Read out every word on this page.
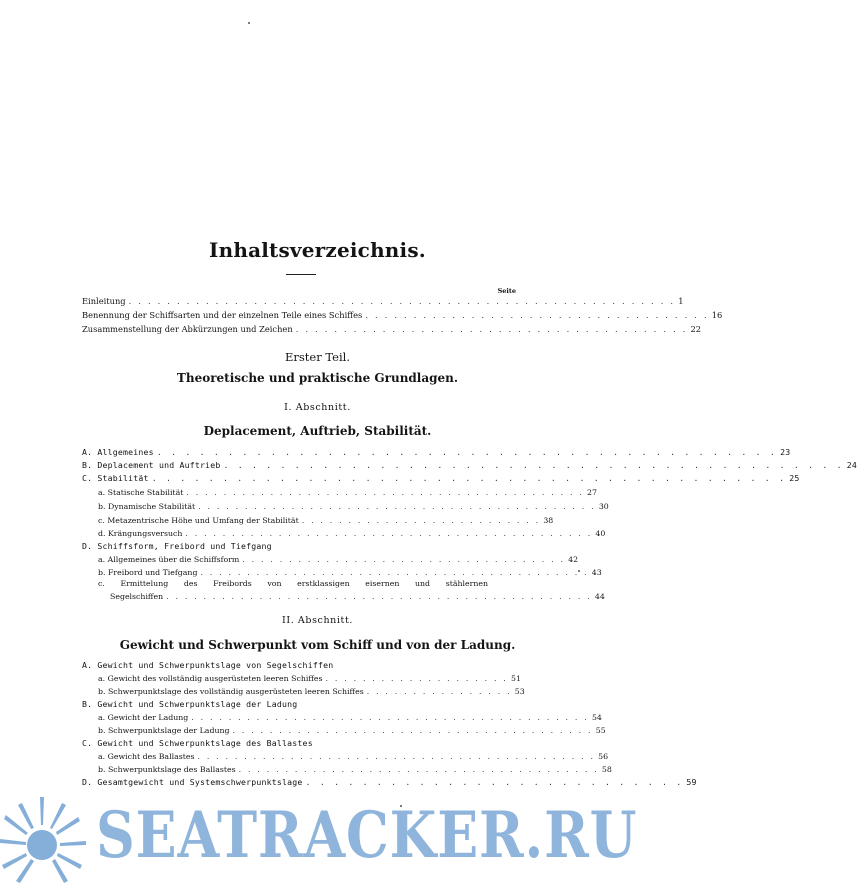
Inhaltsverzeichnis.
Seite
Einleitung . . . . . . . . . . . . . . . . . . . . . . . . . . . . . . . . . . . . . . . . . . . . . . . . . . . . . . . . . 1
Benennung der Schiffsarten und der einzelnen Teile eines Schiffes . . . . . . . . . . . . . . . . . . . . . . . . . . . . . . . . . . . . 16
Zusammenstellung der Abkürzungen und Zeichen . . . . . . . . . . . . . . . . . . . . . . . . . . . . . . . . . . . . . . . . . 22
Erster Teil.
Theoretische und praktische Grundlagen.
I. Abschnitt.
Deplacement, Auftrieb, Stabilität.
A. Allgemeines . . . . . . . . . . . . . . . . . . . . . . . . . . . . . . . . . . . . . . . . . . . . 23
B. Deplacement und Auftrieb . . . . . . . . . . . . . . . . . . . . . . . . . . . . . . . . . . . . . . . . . . . . 24
C. Stabilität . . . . . . . . . . . . . . . . . . . . . . . . . . . . . . . . . . . . . . . . . . . . . 25
a. Statische Stabilität . . . . . . . . . . . . . . . . . . . . . . . . . . . . . . . . . . . . . . . . . . . 27
b. Dynamische Stabilität . . . . . . . . . . . . . . . . . . . . . . . . . . . . . . . . . . . . . . . . . . . 30
c. Metazentrische Höhe und Umfang der Stabilität . . . . . . . . . . . . . . . . . . . . . . . . . . 38
d. Krängungsversuch . . . . . . . . . . . . . . . . . . . . . . . . . . . . . . . . . . . . . . . . . . . . 40
D. Schiffsform, Freibord und Tiefgang
a. Allgemeines über die Schiffsform . . . . . . . . . . . . . . . . . . . . . . . . . . . . . . . . . . . 42
b. Freibord und Tiefgang . . . . . . . . . . . . . . . . . . . . . . . . . . . . . . . . . . . . . . . . . . 43
c. Ermittelung des Freibords von erstklassigen eisernen und stählernen
Segelschiffen . . . . . . . . . . . . . . . . . . . . . . . . . . . . . . . . . . . . . . . . . . . . . . 44
II. Abschnitt.
Gewicht und Schwerpunkt vom Schiff und von der Ladung.
A. Gewicht und Schwerpunktslage von Segelschiffen
a. Gewicht des vollständig ausgerüsteten leeren Schiffes . . . . . . . . . . . . . . . . . . . . 51
b. Schwerpunktslage des vollständig ausgerüsteten leeren Schiffes . . . . . . . . . . . . . . . . 53
B. Gewicht und Schwerpunktslage der Ladung
a. Gewicht der Ladung . . . . . . . . . . . . . . . . . . . . . . . . . . . . . . . . . . . . . . . . . . . 54
b. Schwerpunktslage der Ladung . . . . . . . . . . . . . . . . . . . . . . . . . . . . . . . . . . . . . . . 55
C. Gewicht und Schwerpunktslage des Ballastes
a. Gewicht des Ballastes . . . . . . . . . . . . . . . . . . . . . . . . . . . . . . . . . . . . . . . . . . . 56
b. Schwerpunktslage des Ballastes . . . . . . . . . . . . . . . . . . . . . . . . . . . . . . . . . . . . . . . 58
D. Gesamtgewicht und Systemschwerpunktslage . . . . . . . . . . . . . . . . . . . . . . . . . . . 59
SEATRACKER.RU
